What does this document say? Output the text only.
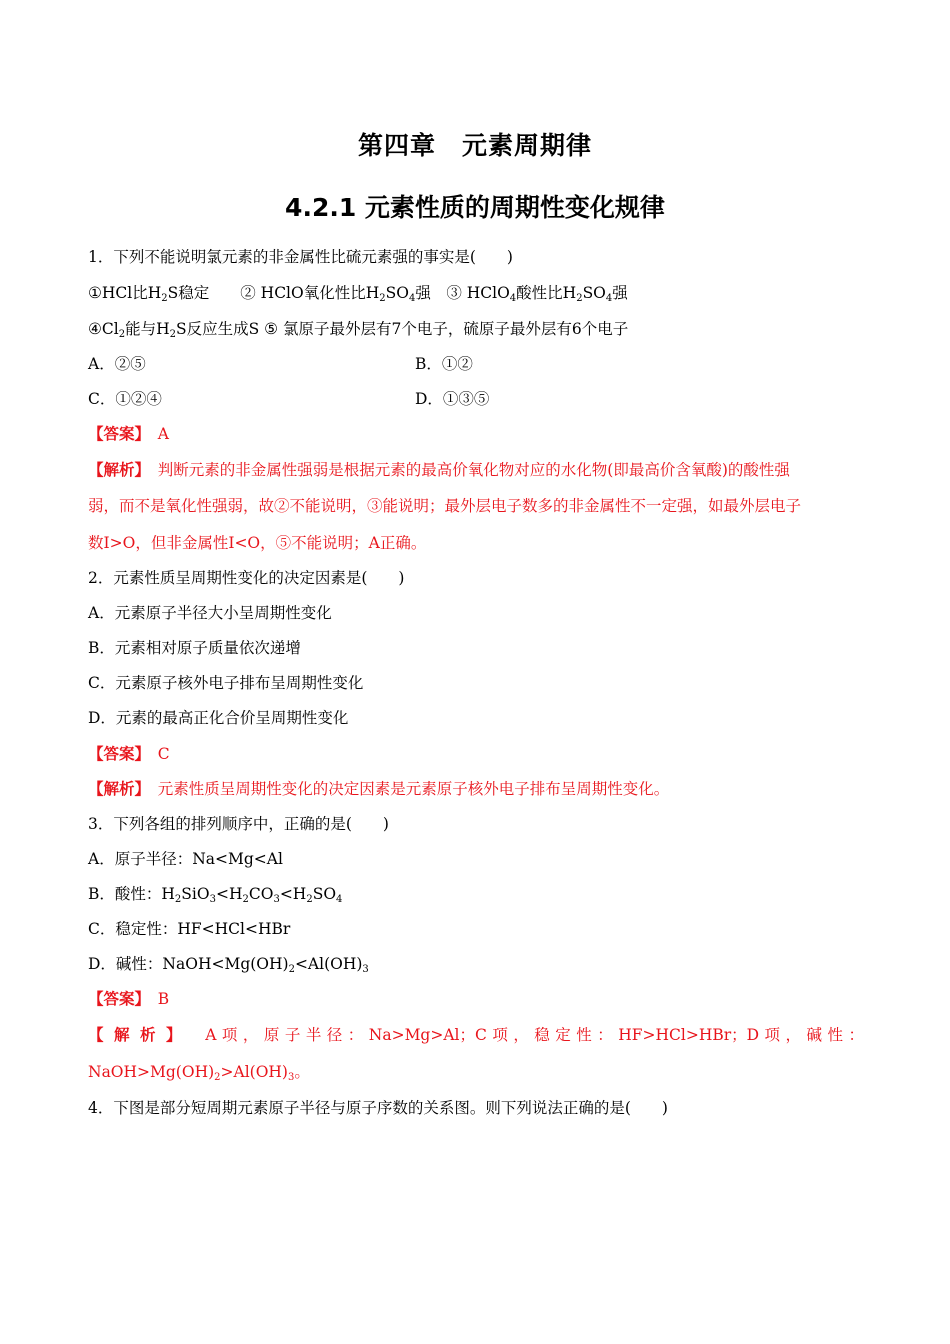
第四章　元素周期律
4.2.1 元素性质的周期性变化规律
1．下列不能说明氯元素的非金属性比硫元素强的事实是(　　)
①HCl比$H_2S$稳定　　② HClO氧化性比$H_2SO_4$强　③ HClO4酸性比$H_2SO_4$强
$④Cl_2$能与$H_2S$反应生成S ⑤ 氯原子最外层有7个电子，硫原子最外层有6个电子
A．②⑤	B．①②
C．①②④	D．①③⑤
【答案】　 A
【解析】　 判断元素的非金属性强弱是根据元素的最高价氧化物对应的水化物(即最高价含氧酸)的酸性强
弱，而不是氧化性强弱，故②不能说明，③能说明；最外层电子数多的非金属性不一定强，如最外层电子
数I>O，但非金属性I<O，⑤不能说明；A正确。
2．元素性质呈周期性变化的决定因素是(　　)
A．元素原子半径大小呈周期性变化
B．元素相对原子质量依次递增
C．元素原子核外电子排布呈周期性变化
D．元素的最高正化合价呈周期性变化
【答案】　 C
【解析】　 元素性质呈周期性变化的决定因素是元素原子核外电子排布呈周期性变化。
3．下列各组的排列顺序中，正确的是(　　)
A．原子半径：Na<Mg<Al
B．酸性：$H_2SiO_3<H_2CO_3<H_2SO_4$
C．稳定性：HF<HCl<HBr
D．碱性：$NaOH<Mg(OH)_2<Al(OH)_3$
【答案】　 B
【解析】　 A项，原子半径：Na>Mg>Al；C项，稳定性：HF>HCl>HBr；D项，碱性：
$NaOH>Mg(OH)_2>Al(OH)_3$。
4．下图是部分短周期元素原子半径与原子序数的关系图。则下列说法正确的是(　　)
